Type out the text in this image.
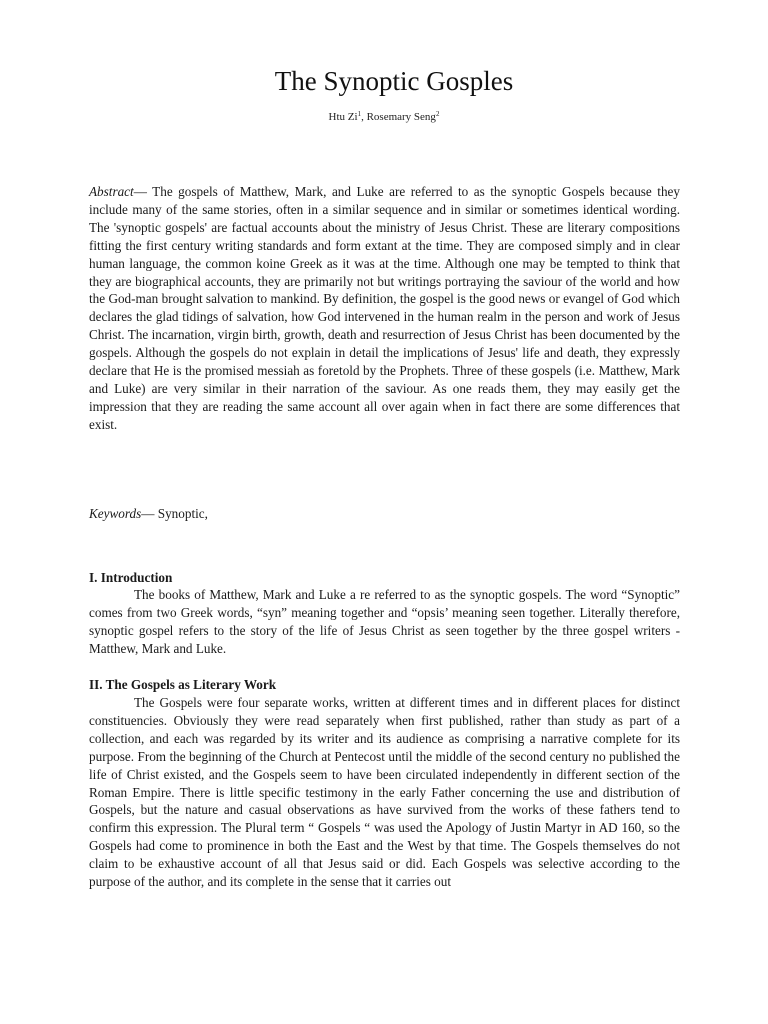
The Synoptic Gosples
Htu Zi$^1$, Rosemary Seng$^2$
Abstract— The gospels of Matthew, Mark, and Luke are referred to as the synoptic Gospels because they include many of the same stories, often in a similar sequence and in similar or sometimes identical wording. The 'synoptic gospels' are factual accounts about the ministry of Jesus Christ. These are literary compositions fitting the first century writing standards and form extant at the time. They are composed simply and in clear human language, the common koine Greek as it was at the time. Although one may be tempted to think that they are biographical accounts, they are primarily not but writings portraying the saviour of the world and how the God-man brought salvation to mankind. By definition, the gospel is the good news or evangel of God which declares the glad tidings of salvation, how God intervened in the human realm in the person and work of Jesus Christ. The incarnation, virgin birth, growth, death and resurrection of Jesus Christ has been documented by the gospels. Although the gospels do not explain in detail the implications of Jesus' life and death, they expressly declare that He is the promised messiah as foretold by the Prophets. Three of these gospels (i.e. Matthew, Mark and Luke) are very similar in their narration of the saviour. As one reads them, they may easily get the impression that they are reading the same account all over again when in fact there are some differences that exist.
Keywords— Synoptic,
I. Introduction
The books of Matthew, Mark and Luke a re referred to as the synoptic gospels. The word “Synoptic” comes from two Greek words, “syn” meaning together and “opsis’ meaning seen together. Literally therefore, synoptic gospel refers to the story of the life of Jesus Christ as seen together by the three gospel writers - Matthew, Mark and Luke.
II. The Gospels as Literary Work
The Gospels were four separate works, written at different times and in different places for distinct constituencies. Obviously they were read separately when first published, rather than study as part of a collection, and each was regarded by its writer and its audience as comprising a narrative complete for its purpose. From the beginning of the Church at Pentecost until the middle of the second century no published the life of Christ existed, and the Gospels seem to have been circulated independently in different section of the Roman Empire. There is little specific testimony in the early Father concerning the use and distribution of Gospels, but the nature and casual observations as have survived from the works of these fathers tend to confirm this expression. The Plural term “ Gospels “ was used the Apology of Justin Martyr in AD 160, so the Gospels had come to prominence in both the East and the West by that time. The Gospels themselves do not claim to be exhaustive account of all that Jesus said or did. Each Gospels was selective according to the purpose of the author, and its complete in the sense that it carries out
